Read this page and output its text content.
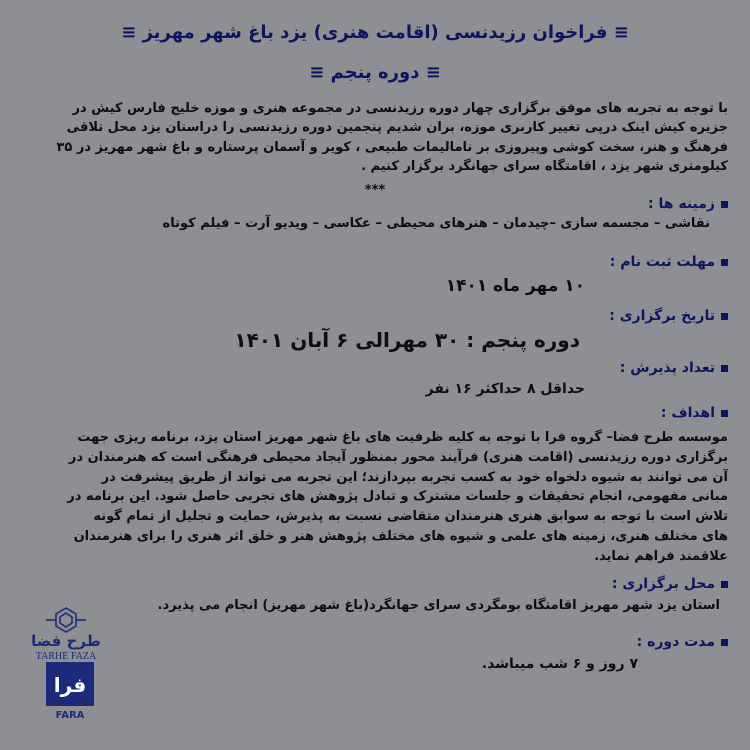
≡ فراخوان رزیدنسی (اقامت هنری) یزد باغ شهر مهریز ≡
≡ دوره پنجم ≡
با توجه به تجربه های موفق برگزاری چهار دوره رزیدنسی در مجموعه هنری و موزه خلیج فارس کیش در
جزیره کیش اینک درپی تغییر کاربری موزه، بران شدیم پنجمین دوره رزیدنسی را دراستان یزد محل تلاقی
فرهنگ و هنر، سخت کوشی وپیروزی بر نامالیمات طبیعی ، کویر و آسمان پرستاره و باغ شهر مهریز در ۳۵
کیلومتری شهر یزد ، اقامتگاه سرای جهانگرد برگزار کنیم .
***
زمینه ها :
نقاشی – مجسمه سازی –چیدمان – هنرهای محیطی – عکاسی – ویدیو آرت – فیلم کوتاه
مهلت ثبت نام :
۱۰ مهر ماه ۱۴۰۱
تاریخ برگزاری :
دوره پنجم : ۳۰ مهرالی ۶ آبان ۱۴۰۱
تعداد پذیرش :
حداقل ۸ حداکثر ۱۶ نفر
اهداف :
موسسه طرح فضا– گروه فرا با توجه به کلیه ظرفیت های باغ شهر مهریز استان یزد، برنامه ریزی جهت
برگزاری دوره رزیدنسی (اقامت هنری) فرآیند محور بمنظور آیجاد محیطی فرهنگی است که هنرمندان در
آن می توانند به شیوه دلخواه خود به کسب تجربه بپردازند؛ این تجربه می تواند از طریق پیشرفت در
مبانی مفهومی، انجام تحقیقات و جلسات مشترک و تبادل پژوهش های تجربی حاصل شود. این برنامه در
تلاش است با توجه به سوابق هنری هنرمندان متقاضی نسبت به پذیرش، حمایت و تجلیل از تمام گونه
های مختلف هنری، زمینه های علمی و شیوه های مختلف پژوهش هنر و خلق اثر هنری را برای هنرمندان
علاقمند فراهم نماید.
محل برگزاری :
استان یزد شهر مهریز اقامتگاه بومگردی سرای جهانگرد(باغ شهر مهریز) انجام می پذیرد.
مدت دوره :
۷ روز و ۶ شب میباشد.
طرح فضا
TARHE FAZA
فرا
FARA
